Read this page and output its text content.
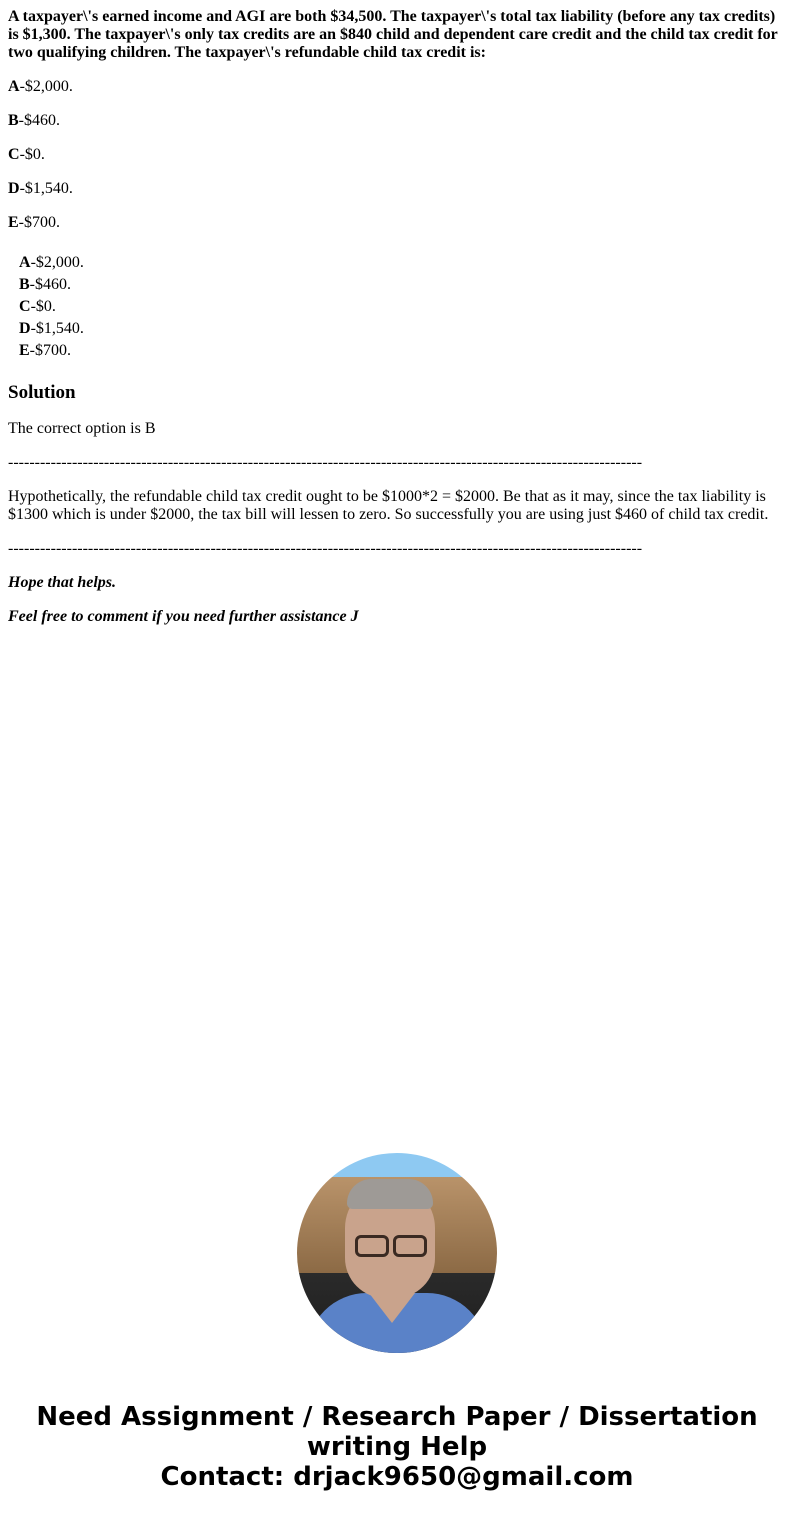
A taxpayer\'s earned income and AGI are both $34,500. The taxpayer\'s total tax liability (before any tax credits) is $1,300. The taxpayer\'s only tax credits are an $840 child and dependent care credit and the child tax credit for two qualifying children. The taxpayer\'s refundable child tax credit is:

A-$2,000.
B-$460.
C-$0.
D-$1,540.
E-$700.
A-$2,000.
B-$460.
C-$0.
D-$1,540.
E-$700.
Solution

The correct option is B

-----------------------------------------------------------------------------------------------------------------------

Hypothetically, the refundable child tax credit ought to be $1000*2 = $2000. Be that as it may, since the tax liability is $1300 which is under $2000, the tax bill will lessen to zero. So successfully you are using just $460 of child tax credit.

-----------------------------------------------------------------------------------------------------------------------

Hope that helps.

Feel free to comment if you need further assistance J

Need Assignment / Research Paper / Dissertation
writing Help
Contact: drjack9650@gmail.com
